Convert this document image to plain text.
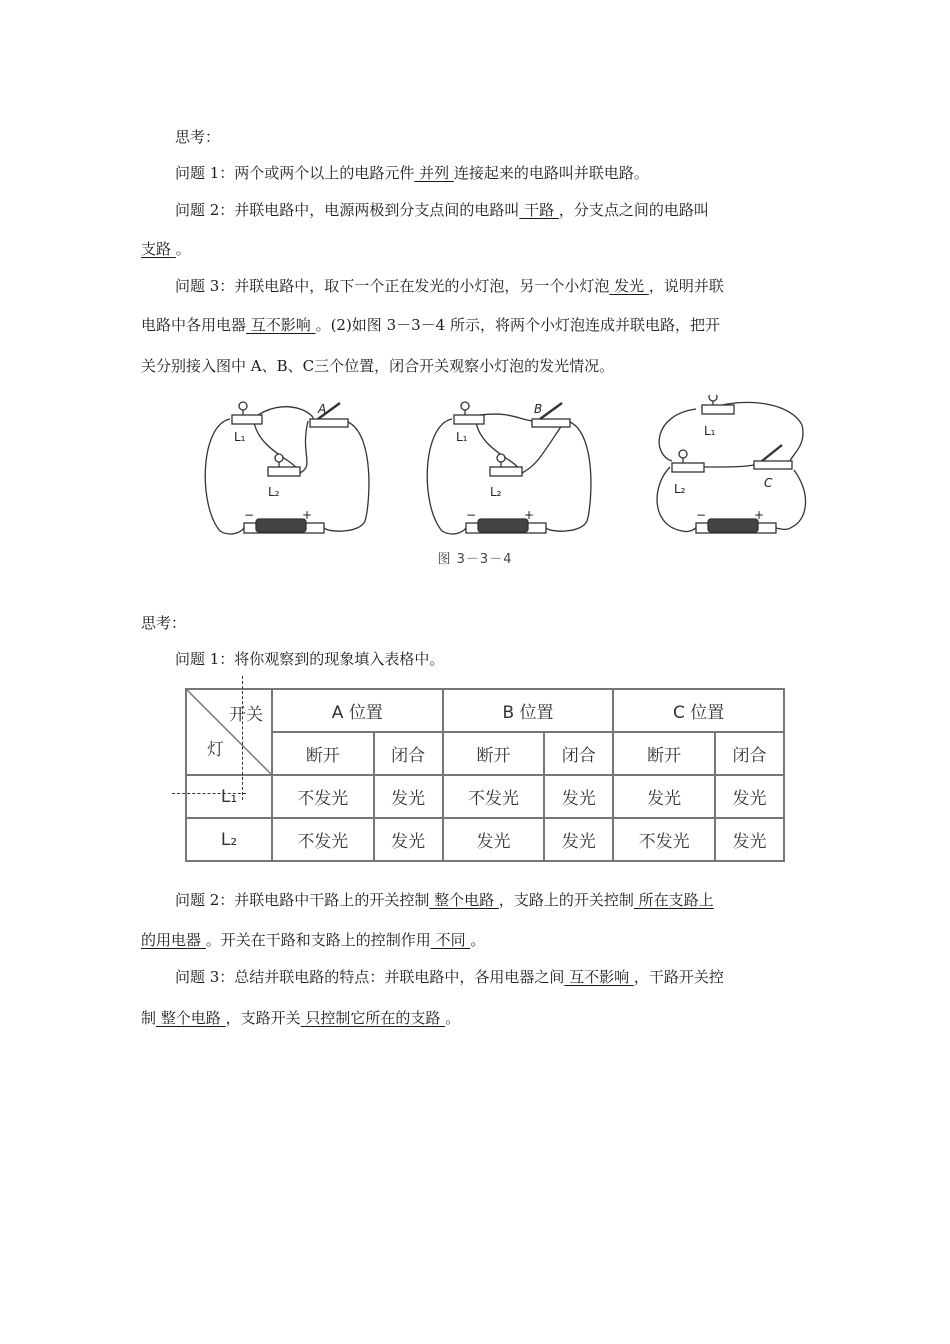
思考：
问题 1：两个或两个以上的电路元件 并列 连接起来的电路叫并联电路。
问题 2：并联电路中，电源两极到分支点间的电路叫 干路 ，分支点之间的电路叫
支路 。
问题 3：并联电路中，取下一个正在发光的小灯泡，另一个小灯泡 发光 ，说明并联
电路中各用电器 互不影响 。(2)如图 3－3－4 所示，将两个小灯泡连成并联电路，把开
关分别接入图中 A、B、C三个位置，闭合开关观察小灯泡的发光情况。
A
L₁
L₂
−	+
B
L₁
L₂
−	+
C
L₁
L₂
−	+
图 3－3－4
思考：
问题 1：将你观察到的现象填入表格中。
开关
灯	A 位置		B 位置		C 位置	
	断开	闭合	断开	闭合	断开	闭合
L₁	不发光	发光	不发光	发光	发光	发光
L₂	不发光	发光	发光	发光	不发光	发光
问题 2：并联电路中干路上的开关控制 整个电路 ，支路上的开关控制 所在支路上
的用电器 。开关在干路和支路上的控制作用 不同 。
问题 3：总结并联电路的特点：并联电路中，各用电器之间 互不影响 ，干路开关控
制 整个电路 ，支路开关 只控制它所在的支路 。
